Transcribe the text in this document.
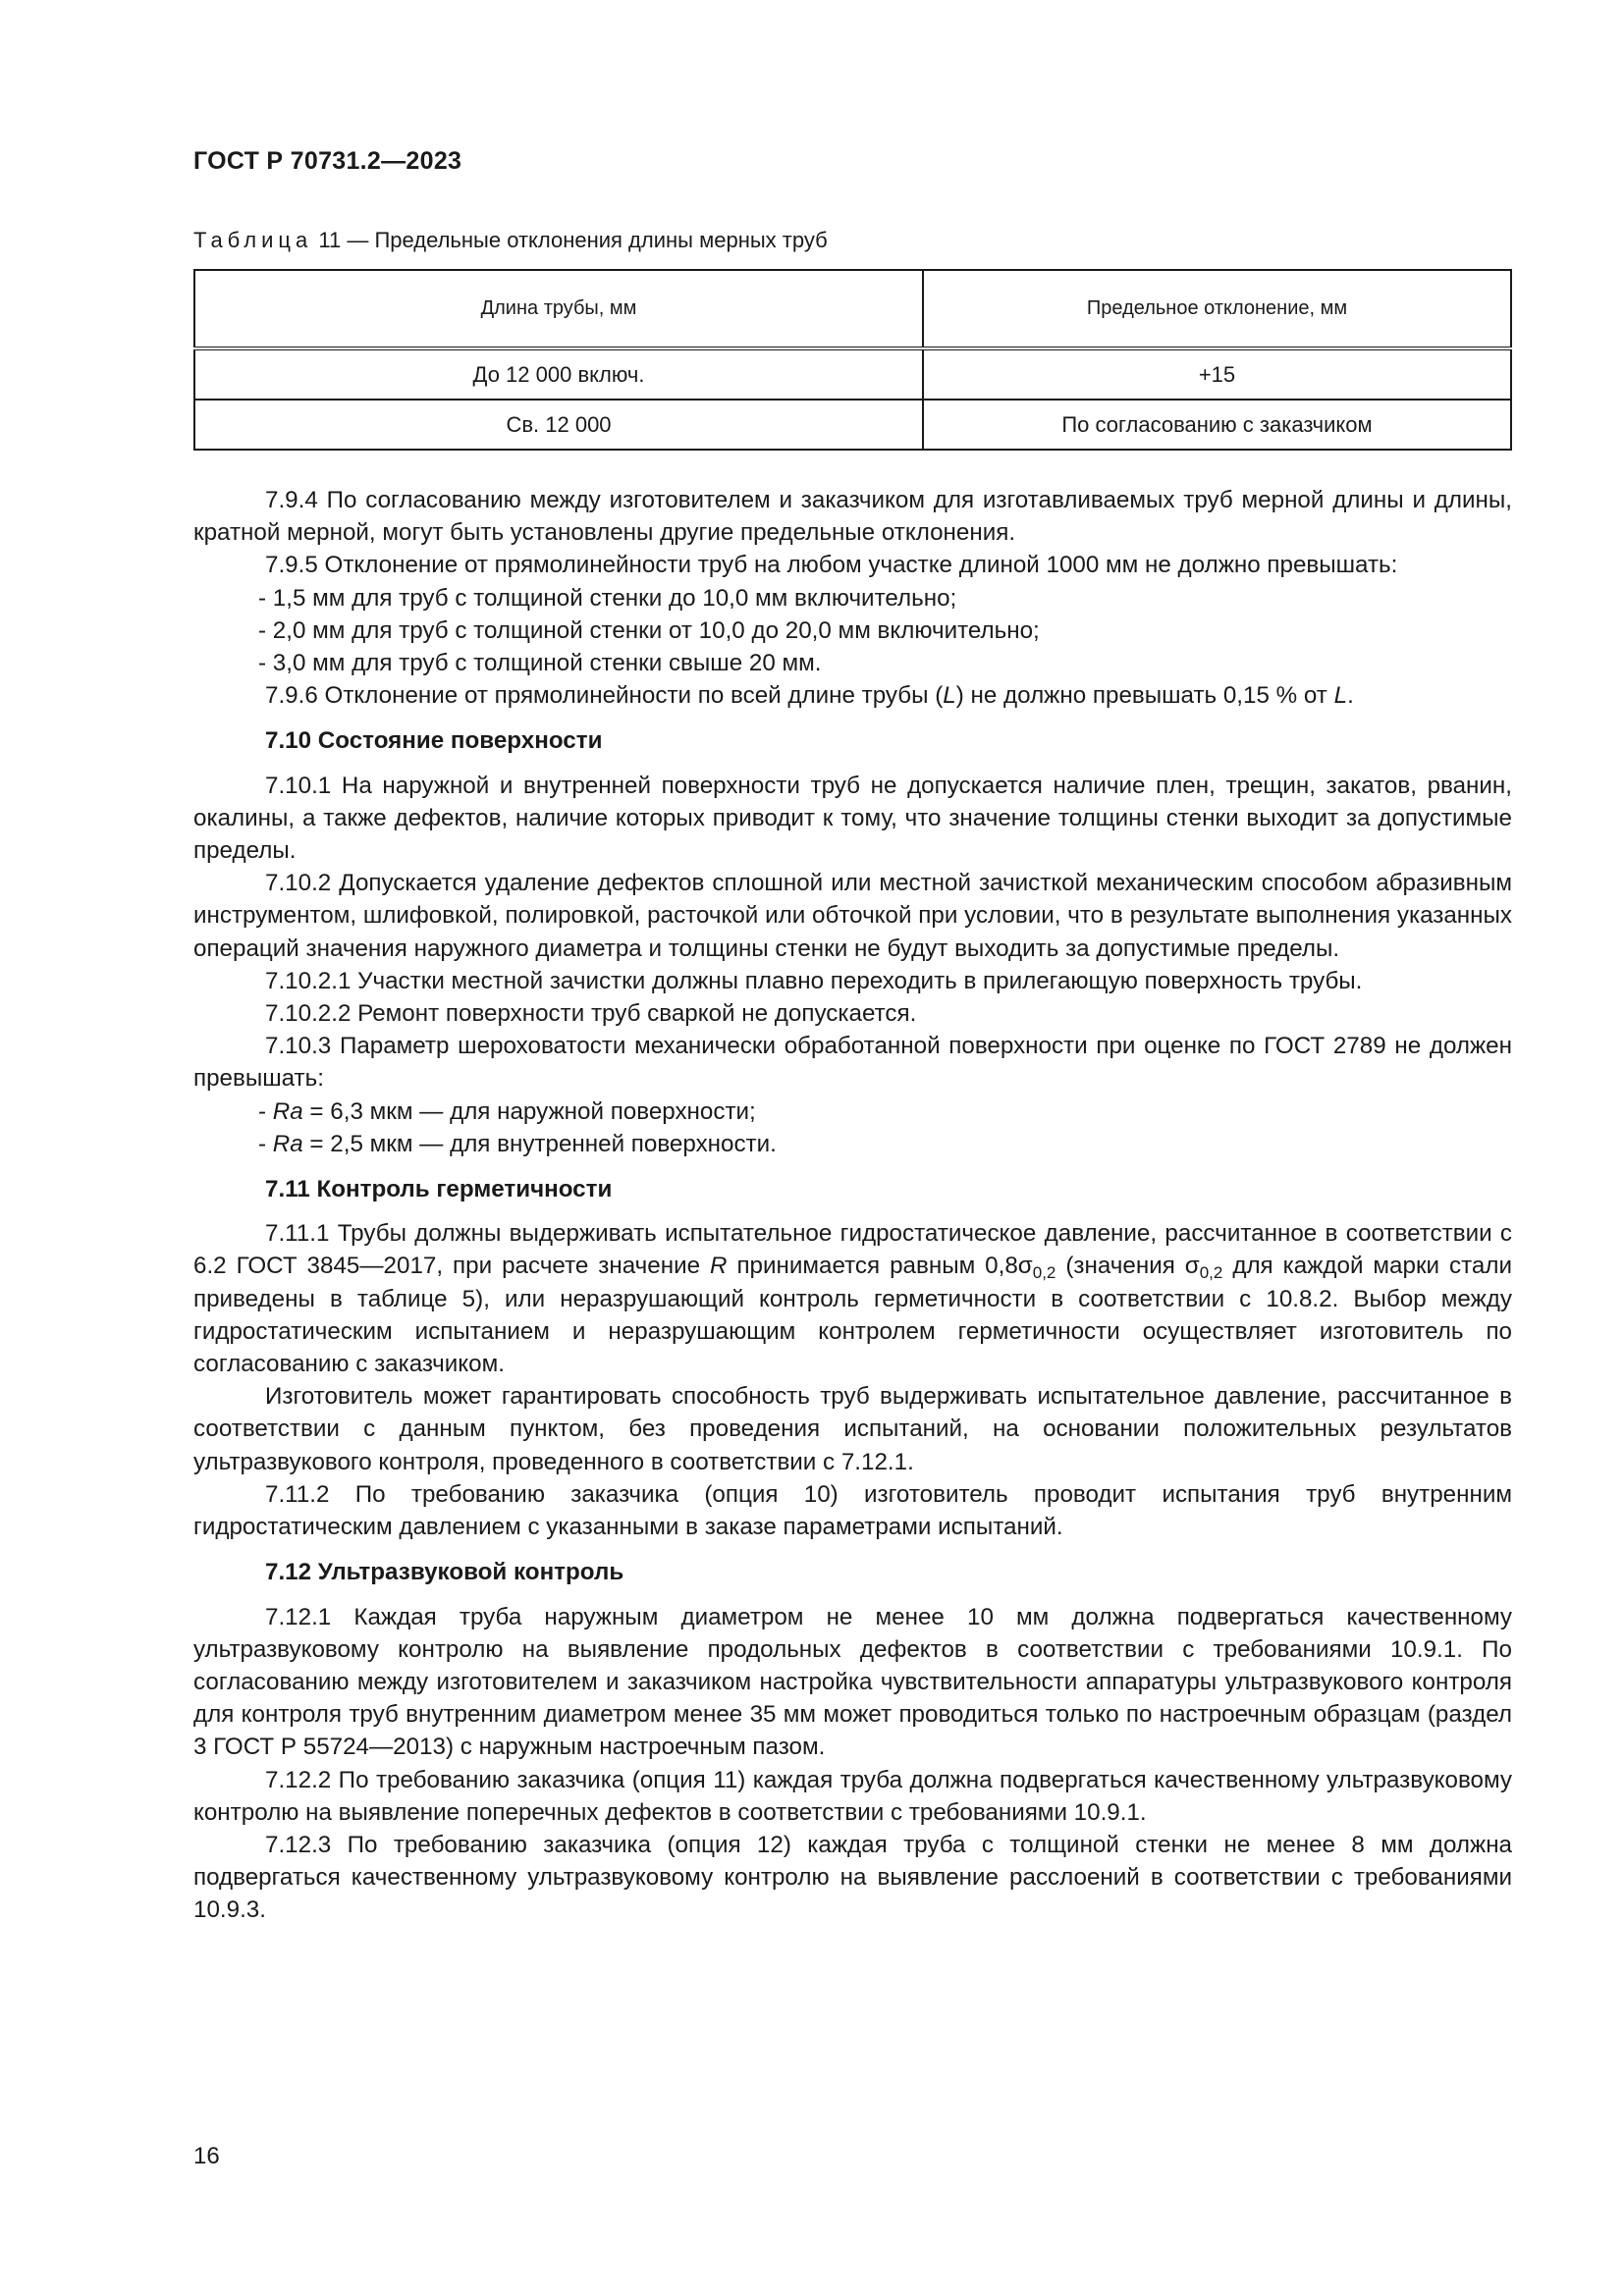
ГОСТ Р 70731.2—2023
Таблица 11 — Предельные отклонения длины мерных труб
Длина трубы, мм	Предельное отклонение, мм
До 12 000 включ.	+15
Св. 12 000	По согласованию с заказчиком

7.9.4 По согласованию между изготовителем и заказчиком для изготавливаемых труб мерной длины и длины, кратной мерной, могут быть установлены другие предельные отклонения.

7.9.5 Отклонение от прямолинейности труб на любом участке длиной 1000 мм не должно превышать:

- 1,5 мм для труб с толщиной стенки до 10,0 мм включительно;

- 2,0 мм для труб с толщиной стенки от 10,0 до 20,0 мм включительно;

- 3,0 мм для труб с толщиной стенки свыше 20 мм.

7.9.6 Отклонение от прямолинейности по всей длине трубы (L) не должно превышать 0,15 % от L.

7.10 Состояние поверхности

7.10.1 На наружной и внутренней поверхности труб не допускается наличие плен, трещин, закатов, рванин, окалины, а также дефектов, наличие которых приводит к тому, что значение толщины стенки выходит за допустимые пределы.

7.10.2 Допускается удаление дефектов сплошной или местной зачисткой механическим способом абразивным инструментом, шлифовкой, полировкой, расточкой или обточкой при условии, что в результате выполнения указанных операций значения наружного диаметра и толщины стенки не будут выходить за допустимые пределы.

7.10.2.1 Участки местной зачистки должны плавно переходить в прилегающую поверхность трубы.

7.10.2.2 Ремонт поверхности труб сваркой не допускается.

7.10.3 Параметр шероховатости механически обработанной поверхности при оценке по ГОСТ 2789 не должен превышать:

- Ra = 6,3 мкм — для наружной поверхности;

- Ra = 2,5 мкм — для внутренней поверхности.

7.11 Контроль герметичности

7.11.1 Трубы должны выдерживать испытательное гидростатическое давление, рассчитанное в соответствии с 6.2 ГОСТ 3845—2017, при расчете значение R принимается равным $0,8\sigma_{0,2}$ (значения $\sigma_{0,2}$ для каждой марки стали приведены в таблице 5), или неразрушающий контроль герметичности в соответствии с 10.8.2. Выбор между гидростатическим испытанием и неразрушающим контролем герметичности осуществляет изготовитель по согласованию с заказчиком.

Изготовитель может гарантировать способность труб выдерживать испытательное давление, рассчитанное в соответствии с данным пунктом, без проведения испытаний, на основании положительных результатов ультразвукового контроля, проведенного в соответствии с 7.12.1.

7.11.2 По требованию заказчика (опция 10) изготовитель проводит испытания труб внутренним гидростатическим давлением с указанными в заказе параметрами испытаний.

7.12 Ультразвуковой контроль

7.12.1 Каждая труба наружным диаметром не менее 10 мм должна подвергаться качественному ультразвуковому контролю на выявление продольных дефектов в соответствии с требованиями 10.9.1. По согласованию между изготовителем и заказчиком настройка чувствительности аппаратуры ультразвукового контроля для контроля труб внутренним диаметром менее 35 мм может проводиться только по настроечным образцам (раздел 3 ГОСТ Р 55724—2013) с наружным настроечным пазом.

7.12.2 По требованию заказчика (опция 11) каждая труба должна подвергаться качественному ультразвуковому контролю на выявление поперечных дефектов в соответствии с требованиями 10.9.1.

7.12.3 По требованию заказчика (опция 12) каждая труба с толщиной стенки не менее 8 мм должна подвергаться качественному ультразвуковому контролю на выявление расслоений в соответствии с требованиями 10.9.3.

16
